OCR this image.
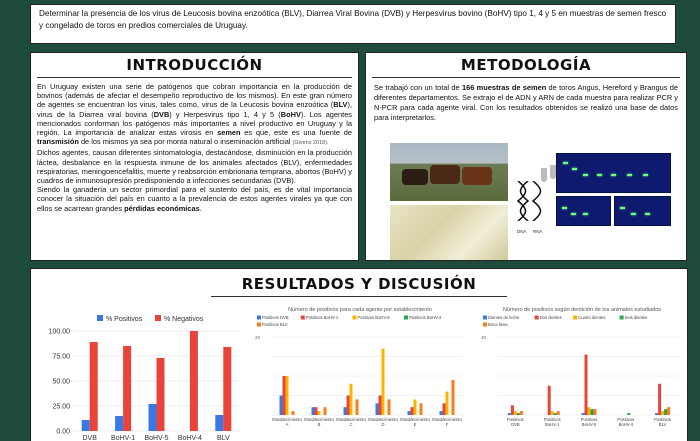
Determinar la presencia de los virus de Leucosis bovina enzoótica (BLV), Diarrea Viral Bovina (DVB) y Herpesvirus bovino (BoHV) tipo 1, 4 y 5 en muestras de semen fresco y congelado de toros en predios comerciales de Uruguay.

INTRODUCCIÓN

En Uruguay existen una serie de patógenos que cobran importancia en la producción de bovinos (además de afectar el desempeño reproductivo de los mismos). En este gran número de agentes se encuentran los virus, tales como, virus de la Leucosis bovina enzoótica (BLV), virus de la Diarrea viral bovina (DVB) y Herpesvirus tipo 1, 4 y 5 (BoHV). Los agentes mencionados conforman los patógenos más importantes a nivel productivo en Uruguay y la región. La importancia de analizar estas virosis en semen es que, este es una fuente de transmisión de los mismos ya sea por monta natural o inseminación artificial (Givens 2018).

Dichos agentes, causan diferentes sintomatología, destacándose, disminución en la producción láctea, desbalance en la respuesta inmune de los animales afectados (BLV), enfermedades respiratorias, meningoencefalitis, muerte y reabsorción embrionaria temprana, abortos (BoHV) y cuadros de inmunosupresión predisponiendo a infecciones secundarias (DVB).

Siendo la ganadería un sector primordial para el sustento del país, es de vital importancia conocer la situación del país en cuanto a la prevalencia de estos agentes virales ya que con ellos se acarrean grandes pérdidas económicas.

METODOLOGÍA
Se trabajó con un total de 166 muestras de semen de toros Angus, Hereford y Brangus de diferentes departamentos. Se extrajo el de ADN y ARN de cada muestra para realizar PCR y N-PCR para cada agente viral. Con los resultados obtenidos se realizó una base de datos para interpretarlos.
DNA RNA
RESULTADOS Y DISCUSIÓN
% Positivos	% Negativos
0.00
25.00
50.00
75.00
100.00
DVB BoHV-1 BoHV-5 BoHV-4 BLV
Número de positivos para cada agente por establecimiento
Positivos DVB	Positivos BoHV-1	Positivos BoHV-5	Positivos BoHV-4
Positivos BLV
20
Establecimiento
A
Establecimiento
B
Establecimiento
C
Establecimiento
D
Establecimiento
E
Establecimiento
F
Número de positivos según dentición de los animales estudiados
Dientes de leche	Dos dientes	Cuatro dientes	Seis dientes
Boca llena
40
Positivos
DVB
Positivos
BoHV-1
Positivos
BoHV-5
Positivos
BoHV-4
Positivos
BLV
